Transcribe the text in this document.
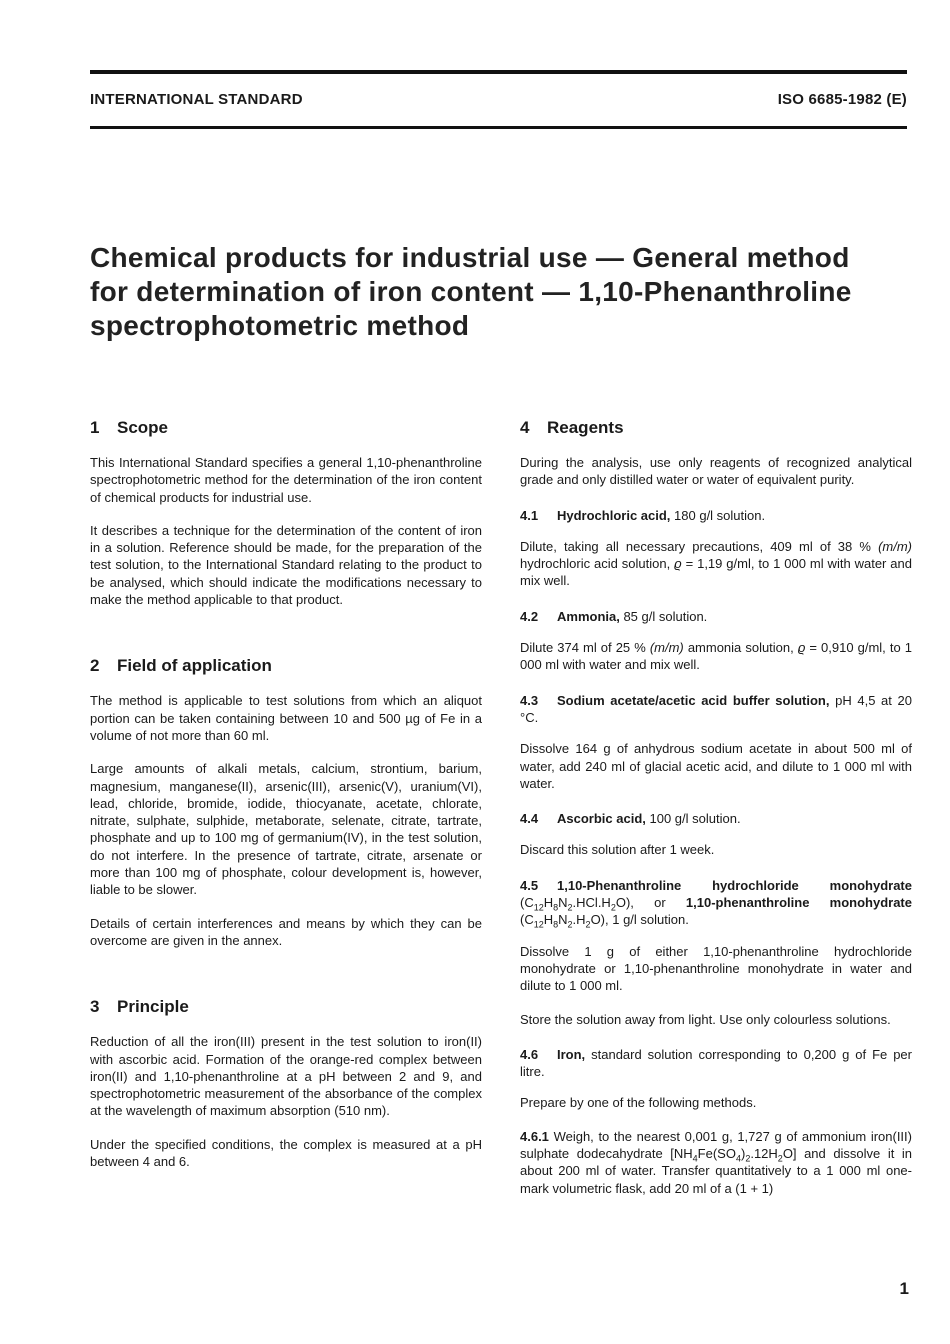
INTERNATIONAL STANDARD	ISO 6685-1982 (E)
Chemical products for industrial use — General method
for determination of iron content — 1,10-Phenanthroline
spectrophotometric method
1 Scope

This International Standard specifies a general 1,10-phenanthroline spectrophotometric method for the determination of the iron content of chemical products for industrial use.

It describes a technique for the determination of the content of iron in a solution. Reference should be made, for the preparation of the test solution, to the International Standard relating to the product to be analysed, which should indicate the modifications necessary to make the method applicable to that product.

2 Field of application

The method is applicable to test solutions from which an aliquot portion can be taken containing between 10 and 500 µg of Fe in a volume of not more than 60 ml.

Large amounts of alkali metals, calcium, strontium, barium, magnesium, manganese(II), arsenic(III), arsenic(V), uranium(VI), lead, chloride, bromide, iodide, thiocyanate, acetate, chlorate, nitrate, sulphate, sulphide, metaborate, selenate, citrate, tartrate, phosphate and up to 100 mg of germanium(IV), in the test solution, do not interfere. In the presence of tartrate, citrate, arsenate or more than 100 mg of phosphate, colour development is, however, liable to be slower.

Details of certain interferences and means by which they can be overcome are given in the annex.

3 Principle

Reduction of all the iron(III) present in the test solution to iron(II) with ascorbic acid. Formation of the orange-red complex between iron(II) and 1,10-phenanthroline at a pH between 2 and 9, and spectrophotometric measurement of the absorbance of the complex at the wavelength of maximum absorption (510 nm).

Under the specified conditions, the complex is measured at a pH between 4 and 6.

4 Reagents

During the analysis, use only reagents of recognized analytical grade and only distilled water or water of equivalent purity.

4.1 Hydrochloric acid, 180 g/l solution.

Dilute, taking all necessary precautions, 409 ml of 38 % (m/m) hydrochloric acid solution, ϱ = 1,19 g/ml, to 1 000 ml with water and mix well.

4.2 Ammonia, 85 g/l solution.

Dilute 374 ml of 25 % (m/m) ammonia solution, ϱ = 0,910 g/ml, to 1 000 ml with water and mix well.

4.3 Sodium acetate/acetic acid buffer solution, pH 4,5 at 20 °C.

Dissolve 164 g of anhydrous sodium acetate in about 500 ml of water, add 240 ml of glacial acetic acid, and dilute to 1 000 ml with water.

4.4 Ascorbic acid, 100 g/l solution.

Discard this solution after 1 week.

4.5 1,10-Phenanthroline hydrochloride monohydrate $(C_{12}H_8N_2.HCl.H_2O)$, or 1,10-phenanthroline monohydrate $(C_{12}H_8N_2.H_2O)$, 1 g/l solution.

Dissolve 1 g of either 1,10-phenanthroline hydrochloride monohydrate or 1,10-phenanthroline monohydrate in water and dilute to 1 000 ml.

Store the solution away from light. Use only colourless solutions.

4.6 Iron, standard solution corresponding to 0,200 g of Fe per litre.

Prepare by one of the following methods.

4.6.1 Weigh, to the nearest 0,001 g, 1,727 g of ammonium iron(III) sulphate dodecahydrate $[NH_4Fe(SO_4)_2.12H_2O]$ and dissolve it in about 200 ml of water. Transfer quantitatively to a 1 000 ml one-mark volumetric flask, add 20 ml of a (1 + 1)

1
